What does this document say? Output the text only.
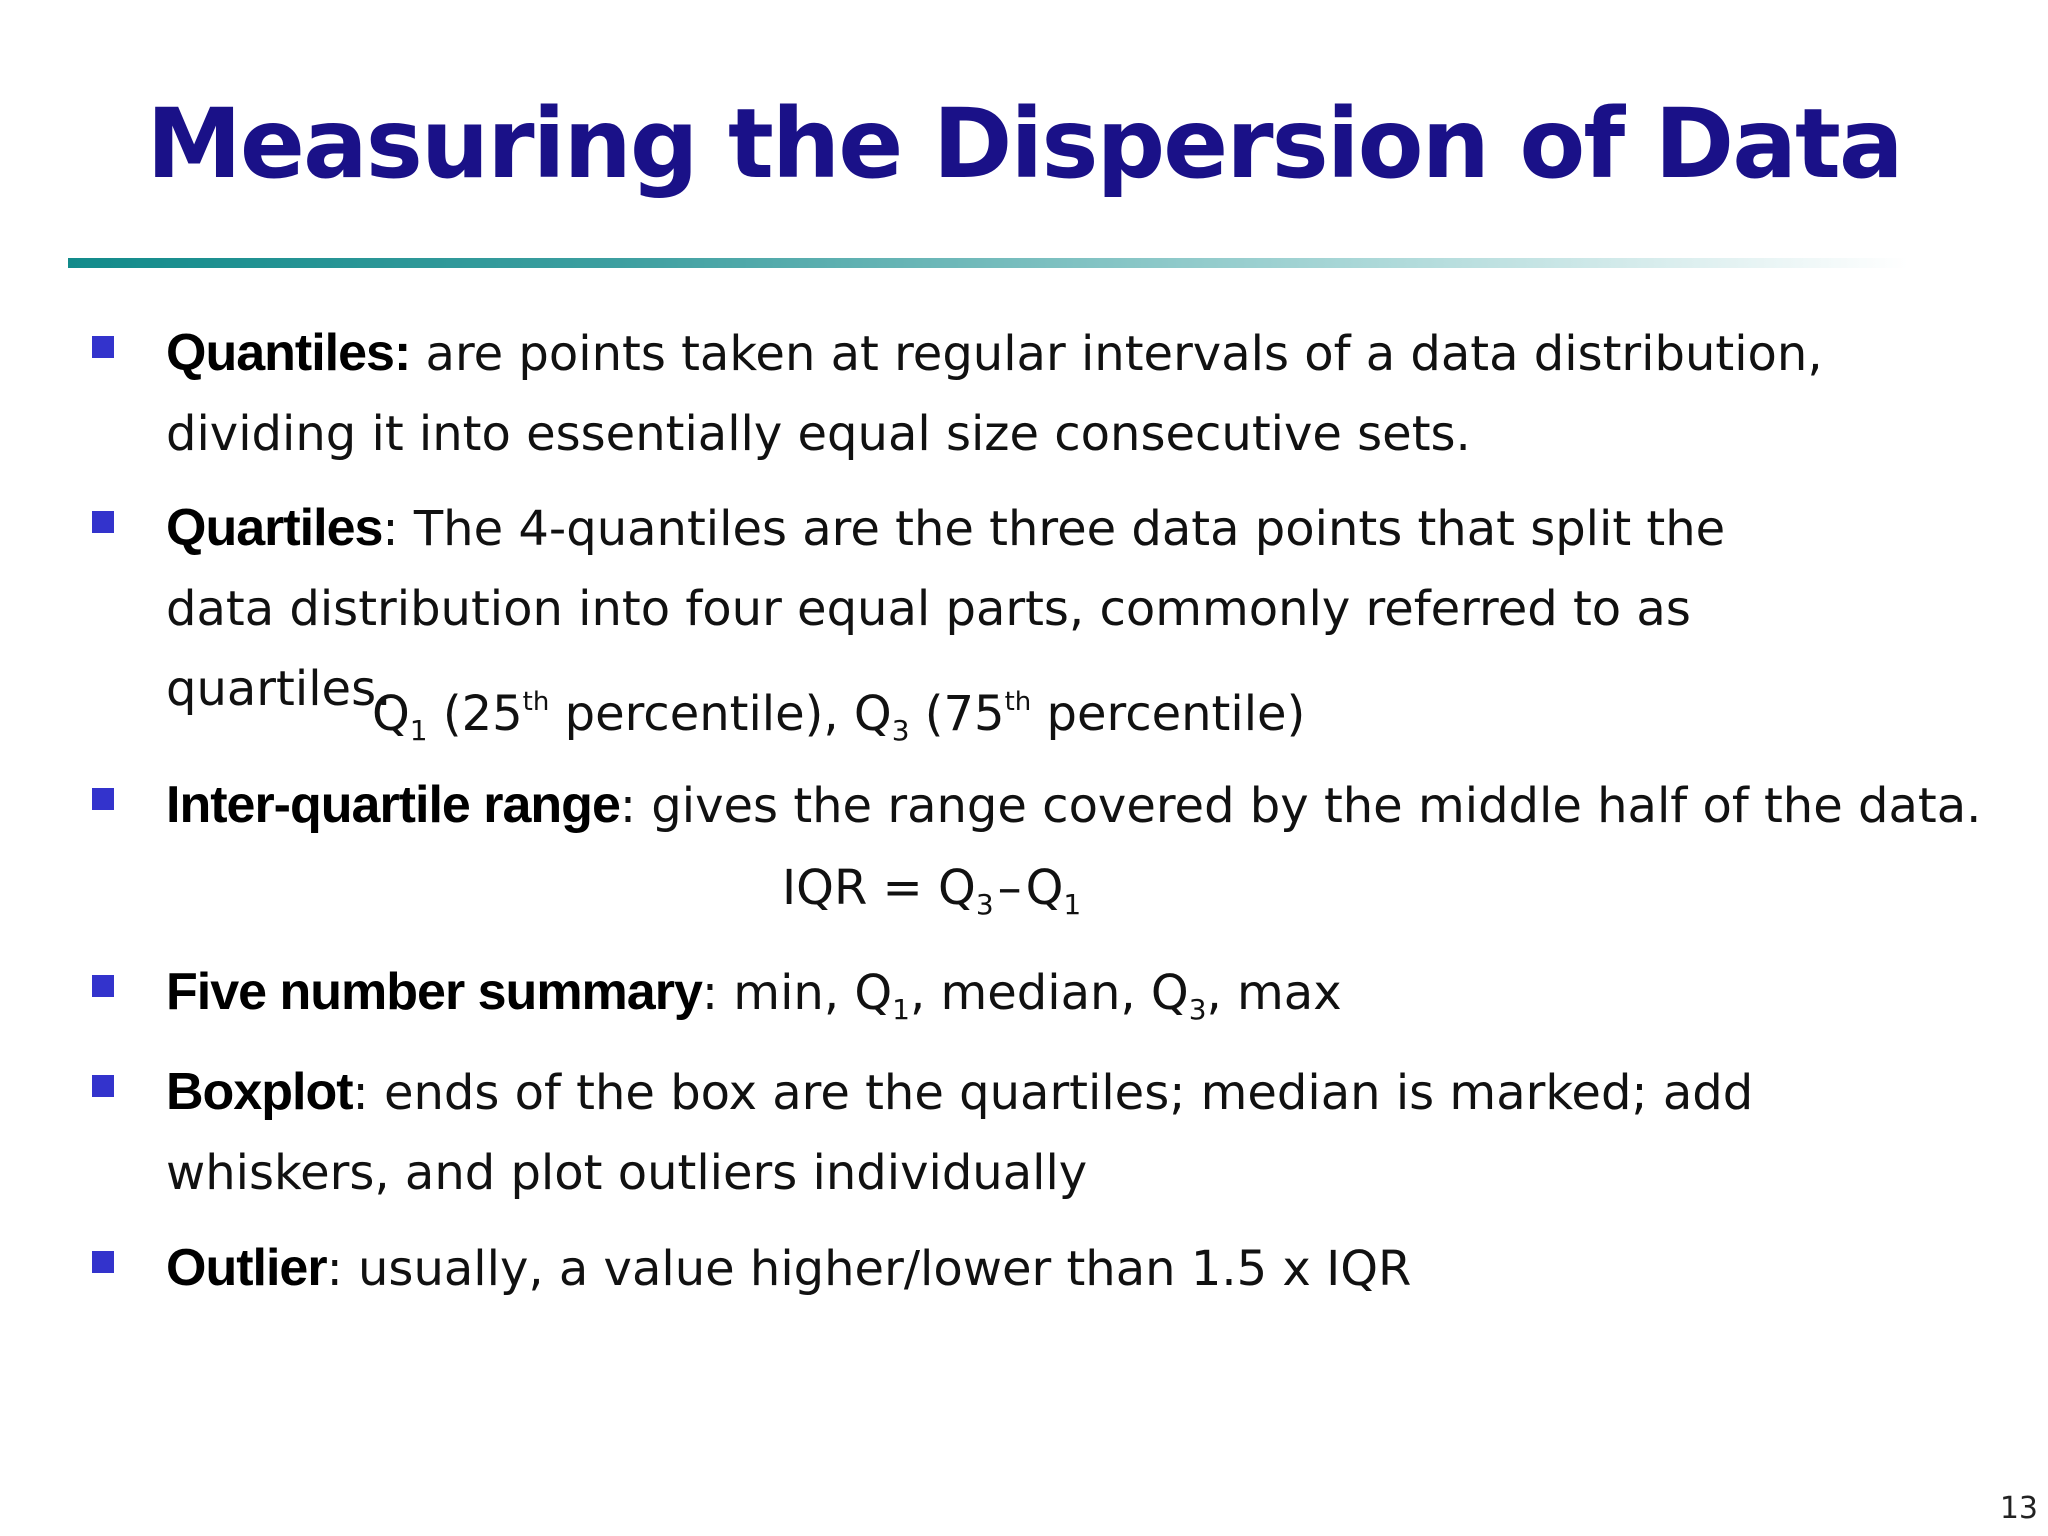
Measuring the Dispersion of Data

Quantiles: are points taken at regular intervals of a data distribution, dividing it into essentially equal size consecutive sets.

Quartiles: The 4-quantiles are the three data points that split the data distribution into four equal parts, commonly referred to as quartiles.

$Q_1$ (25th percentile), $Q_3$ (75th percentile)

Inter-quartile range: gives the range covered by the middle half of the data.

IQR = $Q_3-Q_1$

Five number summary: min, $Q_1$, median, $Q_3$, max

Boxplot: ends of the box are the quartiles; median is marked; add whiskers, and plot outliers individually

Outlier: usually, a value higher/lower than 1.5 x IQR

13
